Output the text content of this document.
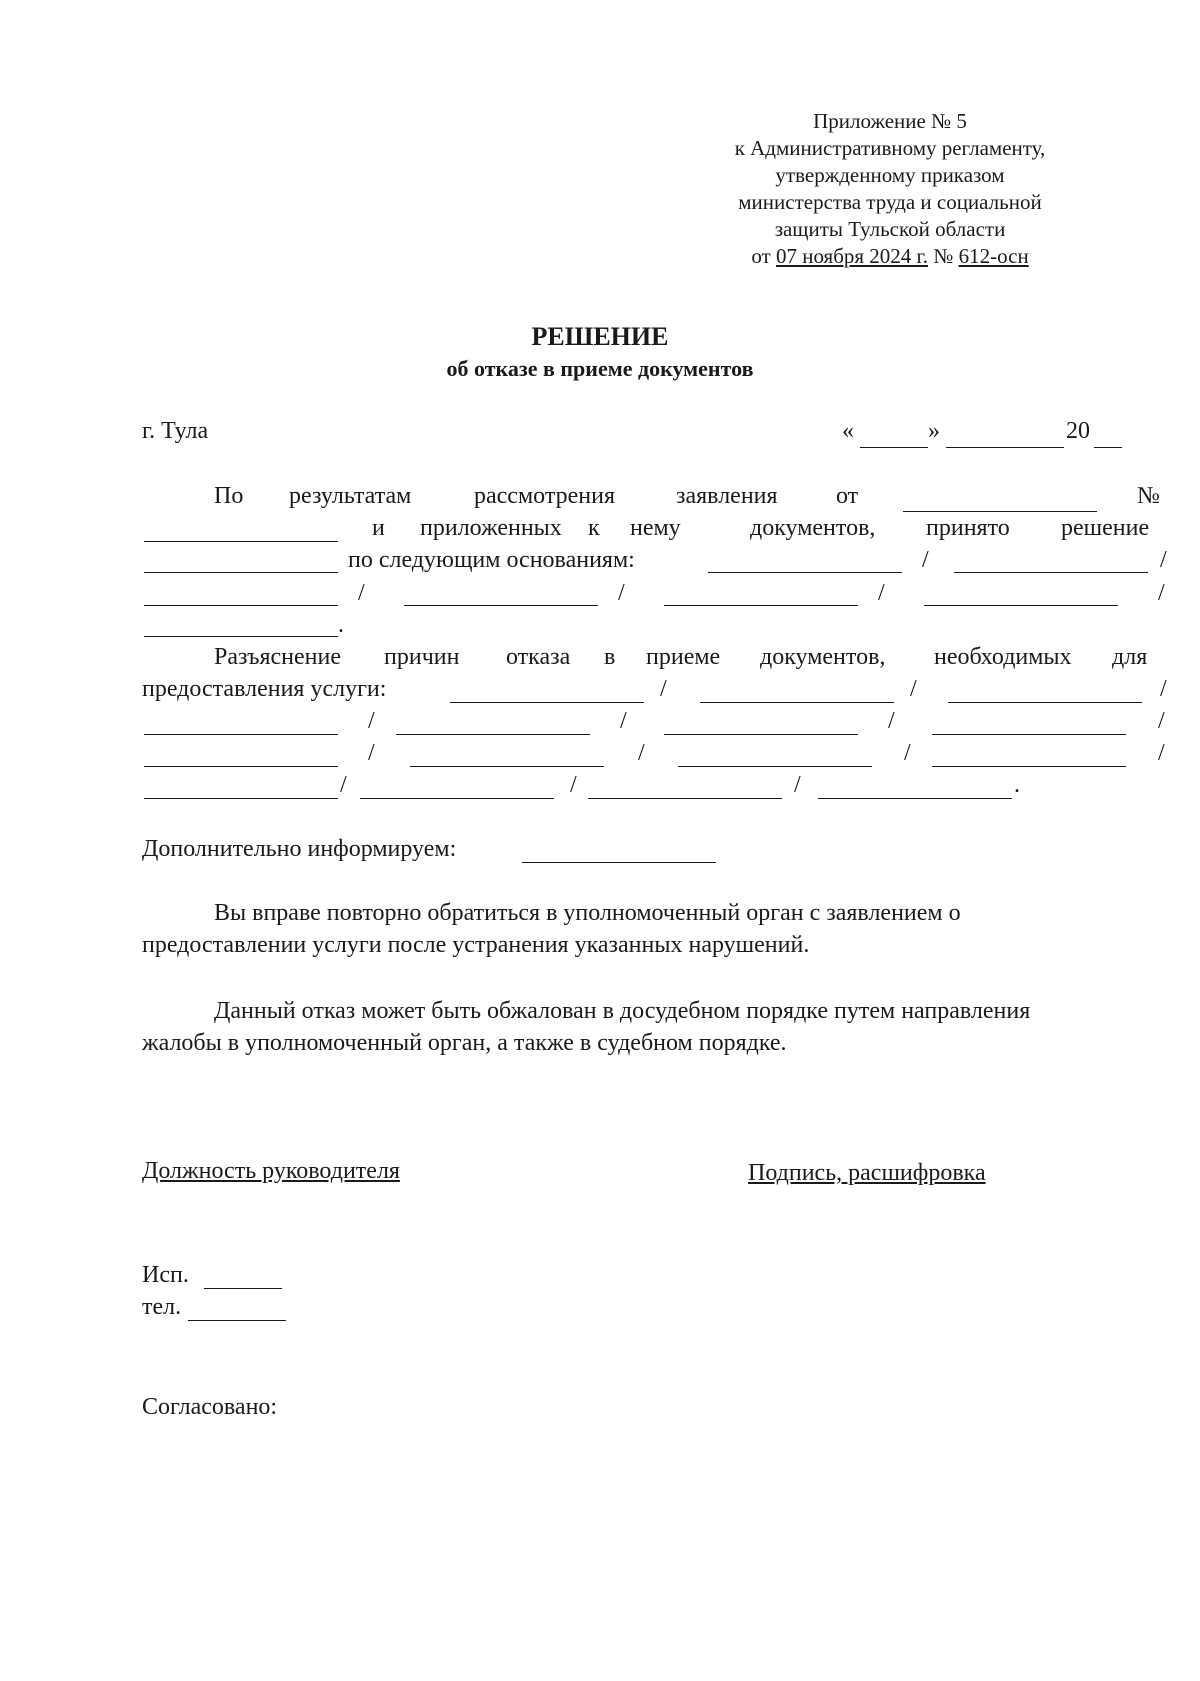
Приложение № 5
к Административному регламенту,
утвержденному приказом
министерства труда и социальной
защиты Тульской области
от 07 ноября 2024 г. № 612-осн
РЕШЕНИЕ
об отказе в приеме документов
г. Тула	«	»	20
По результатам	рассмотрения	заявления от	№
и приложенных к нему	документов, принято решение
по следующим основаниям:	/	/
/	/	/	/
.
Разъяснение причин отказа в приеме документов, необходимых для
предоставления услуги:	/	/	/
/	/	/	/
/	/	/	/
/	/	/	.
Дополнительно информируем:
Вы вправе повторно обратиться в уполномоченный орган с заявлением о
предоставлении услуги после устранения указанных нарушений.
Данный отказ может быть обжалован в досудебном порядке путем направления
жалобы в уполномоченный орган, а также в судебном порядке.
Должность руководителя	Подпись, расшифровка
Исп.
тел.
Согласовано:
